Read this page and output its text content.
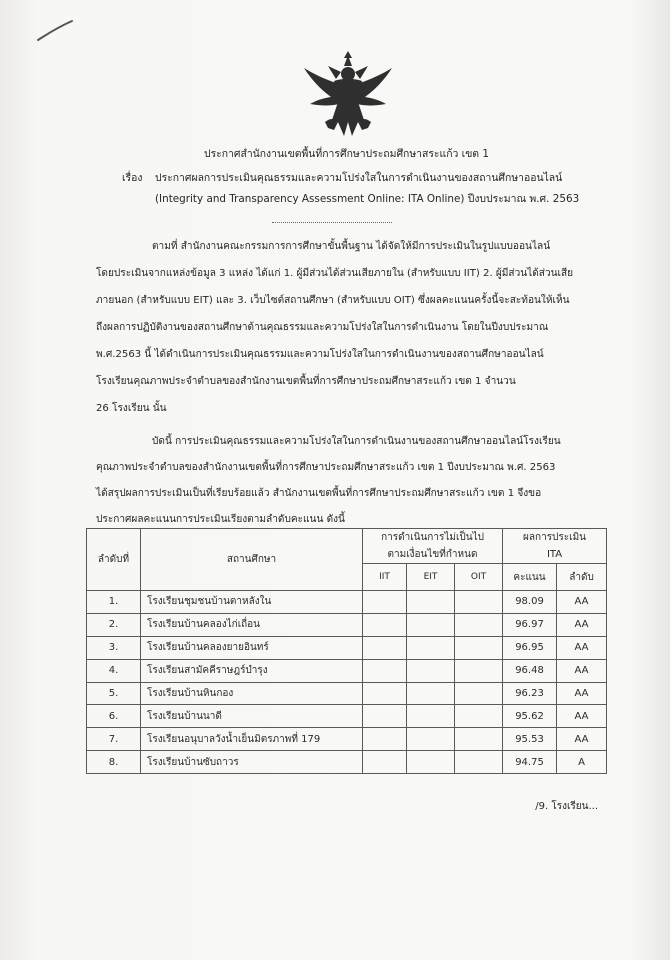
ประกาศสำนักงานเขตพื้นที่การศึกษาประถมศึกษาสระแก้ว เขต 1
เรื่อง ประกาศผลการประเมินคุณธรรมและความโปร่งใสในการดำเนินงานของสถานศึกษาออนไลน์
(Integrity and Transparency Assessment Online: ITA Online) ปีงบประมาณ พ.ศ. 2563
ตามที่ สำนักงานคณะกรรมการการศึกษาขั้นพื้นฐาน ได้จัดให้มีการประเมินในรูปแบบออนไลน์
โดยประเมินจากแหล่งข้อมูล 3 แหล่ง ได้แก่ 1. ผู้มีส่วนได้ส่วนเสียภายใน (สำหรับแบบ IIT) 2. ผู้มีส่วนได้ส่วนเสีย
ภายนอก (สำหรับแบบ EIT) และ 3. เว็บไซต์สถานศึกษา (สำหรับแบบ OIT) ซึ่งผลคะแนนครั้งนี้จะสะท้อนให้เห็น
ถึงผลการปฏิบัติงานของสถานศึกษาด้านคุณธรรมและความโปร่งใสในการดำเนินงาน โดยในปีงบประมาณ
พ.ศ.2563 นี้ ได้ดำเนินการประเมินคุณธรรมและความโปร่งใสในการดำเนินงานของสถานศึกษาออนไลน์
โรงเรียนคุณภาพประจำตำบลของสำนักงานเขตพื้นที่การศึกษาประถมศึกษาสระแก้ว เขต 1 จำนวน
26 โรงเรียน นั้น
บัดนี้ การประเมินคุณธรรมและความโปร่งใสในการดำเนินงานของสถานศึกษาออนไลน์โรงเรียน
คุณภาพประจำตำบลของสำนักงานเขตพื้นที่การศึกษาประถมศึกษาสระแก้ว เขต 1 ปีงบประมาณ พ.ศ. 2563
ได้สรุปผลการประเมินเป็นที่เรียบร้อยแล้ว สำนักงานเขตพื้นที่การศึกษาประถมศึกษาสระแก้ว เขต 1 จึงขอ
ประกาศผลคะแนนการประเมินเรียงตามลำดับคะแนน ดังนี้
ลำดับที่	สถานศึกษา	การดำเนินการไม่เป็นไป
ตามเงื่อนไขที่กำหนด			ผลการประเมิน
ITA	

		IIT	EIT	OIT	คะแนน	ลำดับ
1.	โรงเรียนชุมชนบ้านตาหลังใน				98.09	AA
2.	โรงเรียนบ้านคลองไก่เถื่อน				96.97	AA
3.	โรงเรียนบ้านคลองยายอินทร์				96.95	AA
4.	โรงเรียนสามัคคีราษฎร์บำรุง				96.48	AA
5.	โรงเรียนบ้านหินกอง				96.23	AA
6.	โรงเรียนบ้านนาดี				95.62	AA
7.	โรงเรียนอนุบาลวังน้ำเย็นมิตรภาพที่ 179				95.53	AA
8.	โรงเรียนบ้านซับถาวร				94.75	A
/9. โรงเรียน...
